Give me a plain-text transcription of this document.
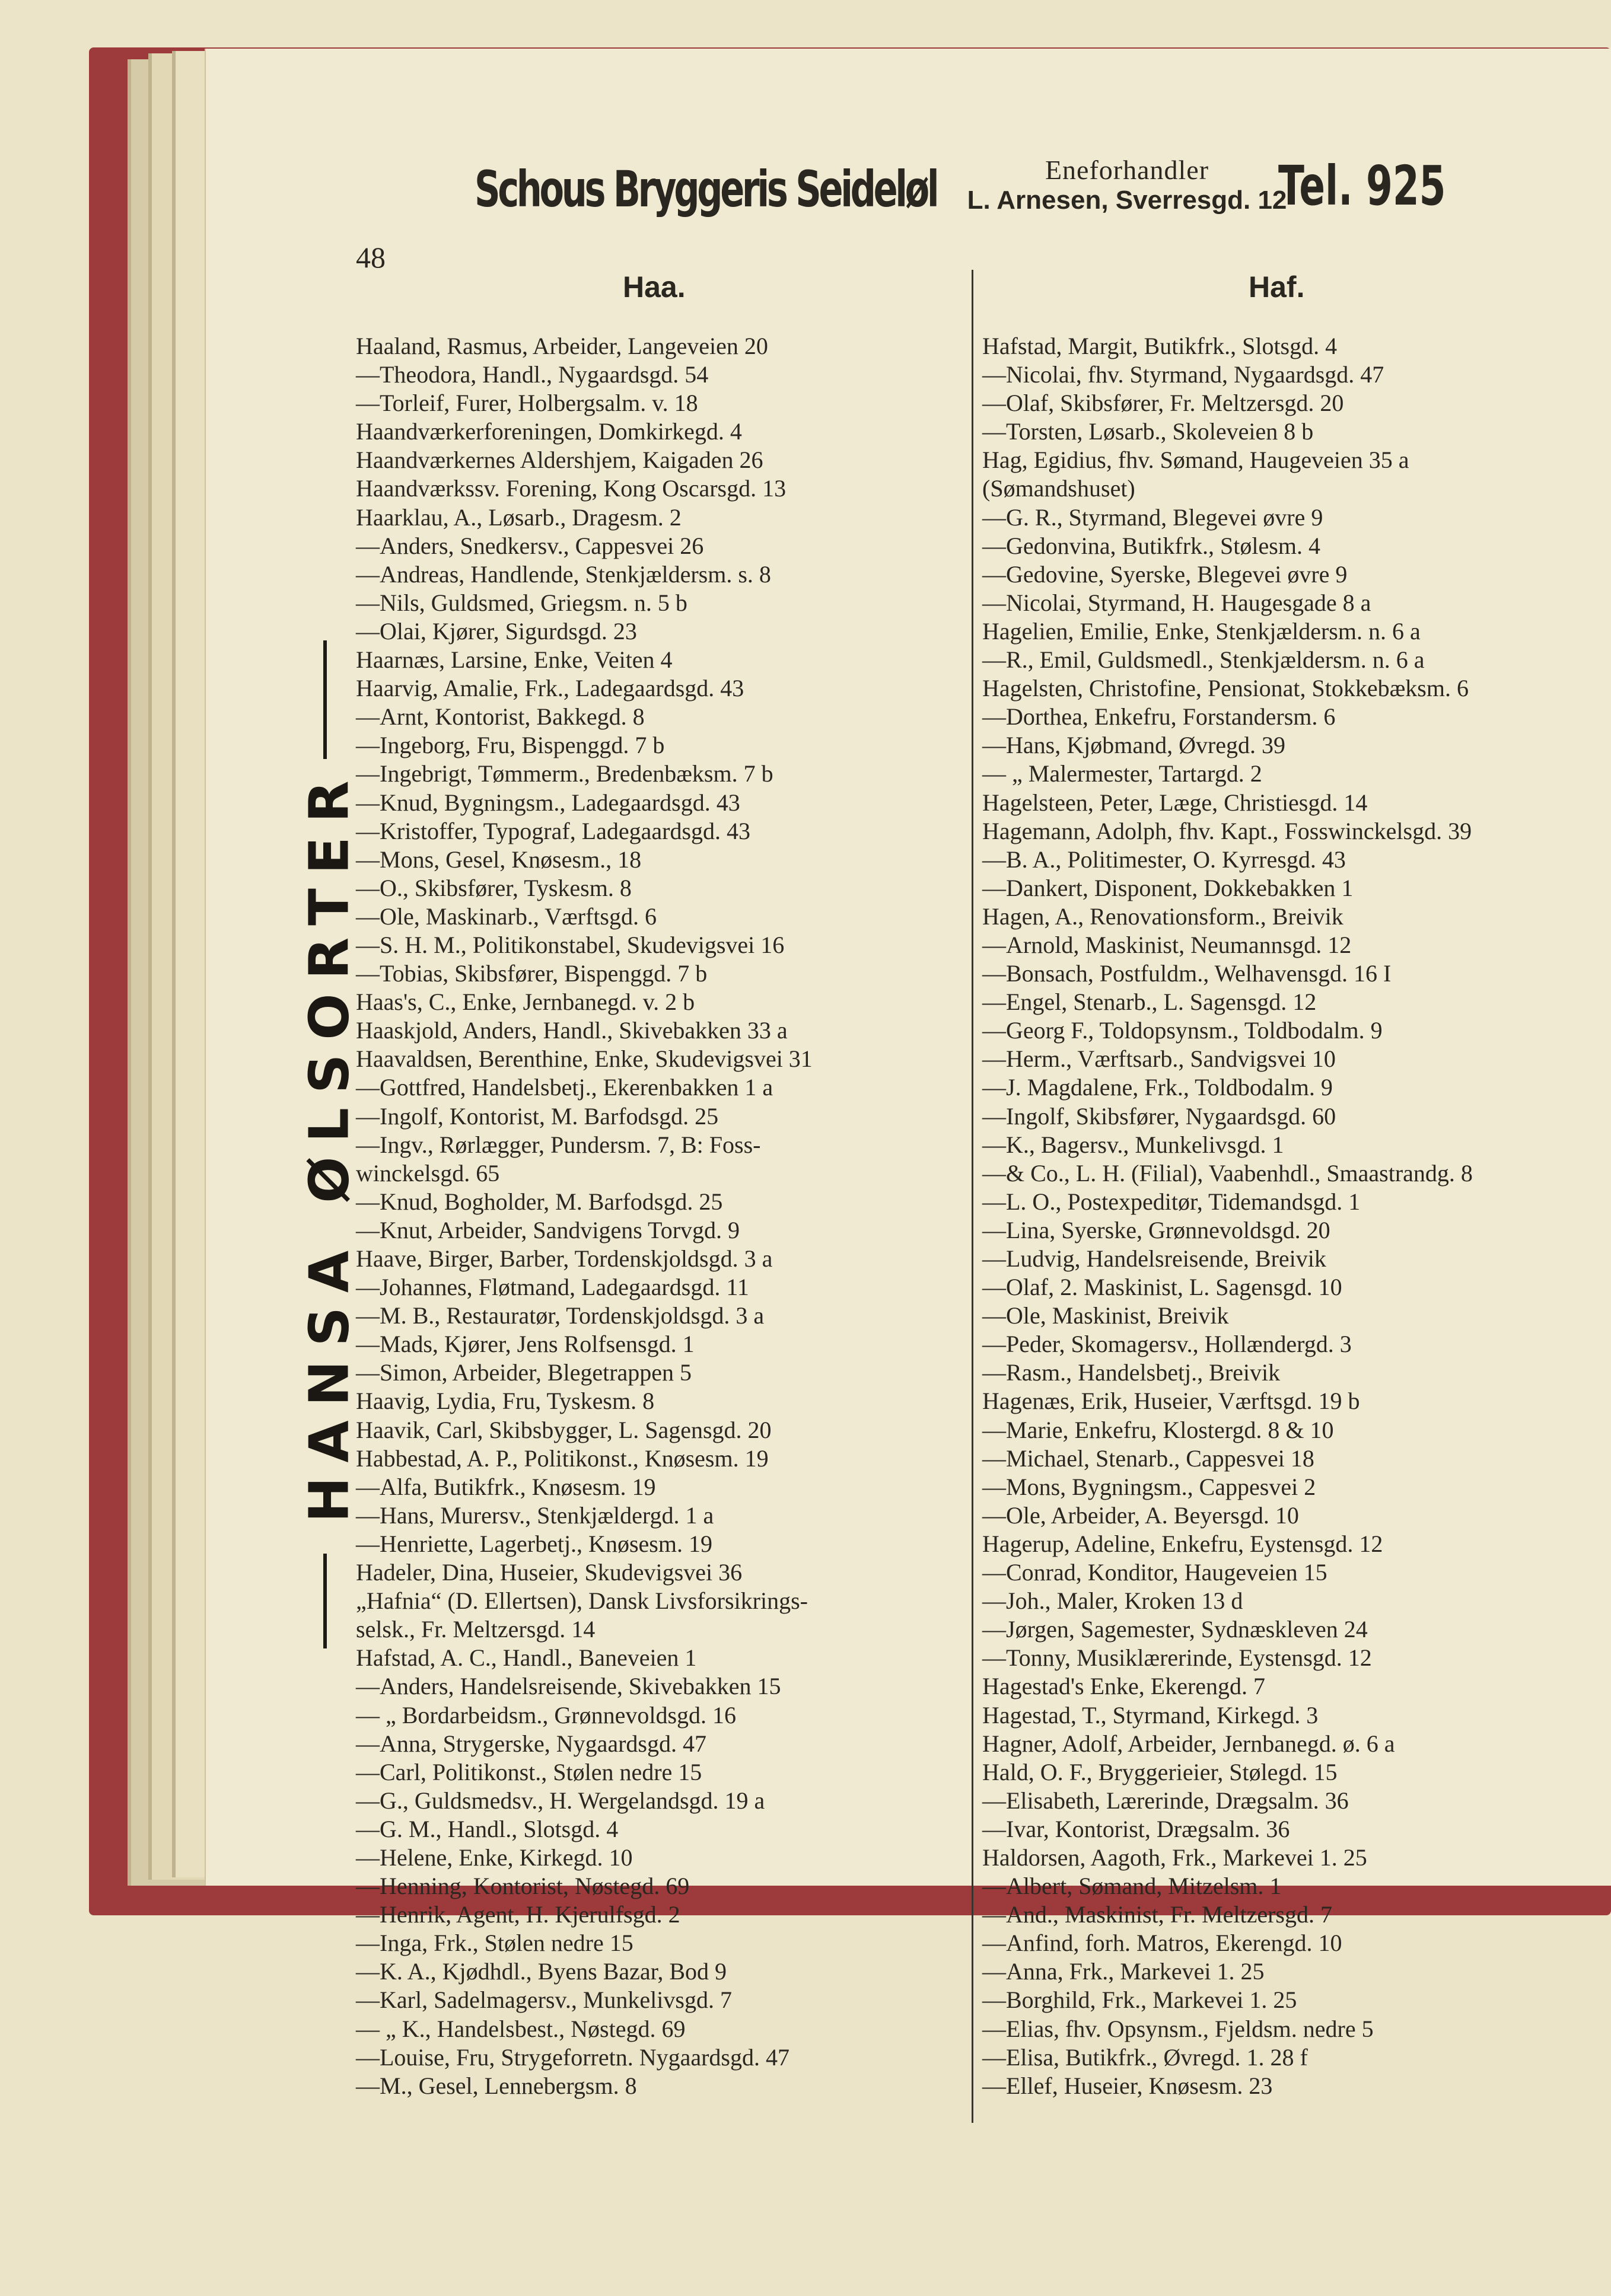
Schous Bryggeris Seideløl	Eneforhandler
L. Arnesen, Sverresgd. 12
Tel. 925
48
Haa.	Haf.
HANSA ØLSORTER
Haaland, Rasmus, Arbeider, Langeveien 20
—Theodora, Handl., Nygaardsgd. 54
—Torleif, Furer, Holbergsalm. v. 18
Haandværkerforeningen, Domkirkegd. 4
Haandværkernes Aldershjem, Kaigaden 26
Haandværkssv. Forening, Kong Oscarsgd. 13
Haarklau, A., Løsarb., Dragesm. 2
—Anders, Snedkersv., Cappesvei 26
—Andreas, Handlende, Stenkjældersm. s. 8
—Nils, Guldsmed, Griegsm. n. 5 b
—Olai, Kjører, Sigurdsgd. 23
Haarnæs, Larsine, Enke, Veiten 4
Haarvig, Amalie, Frk., Ladegaardsgd. 43
—Arnt, Kontorist, Bakkegd. 8
—Ingeborg, Fru, Bispenggd. 7 b
—Ingebrigt, Tømmerm., Bredenbæksm. 7 b
—Knud, Bygningsm., Ladegaardsgd. 43
—Kristoffer, Typograf, Ladegaardsgd. 43
—Mons, Gesel, Knøsesm., 18
—O., Skibsfører, Tyskesm. 8
—Ole, Maskinarb., Værftsgd. 6
—S. H. M., Politikonstabel, Skudevigsvei 16
—Tobias, Skibsfører, Bispenggd. 7 b
Haas's, C., Enke, Jernbanegd. v. 2 b
Haaskjold, Anders, Handl., Skivebakken 33 a
Haavaldsen, Berenthine, Enke, Skudevigsvei 31
—Gottfred, Handelsbetj., Ekerenbakken 1 a
—Ingolf, Kontorist, M. Barfodsgd. 25
—Ingv., Rørlægger, Pundersm. 7, B: Foss-
winckelsgd. 65
—Knud, Bogholder, M. Barfodsgd. 25
—Knut, Arbeider, Sandvigens Torvgd. 9
Haave, Birger, Barber, Tordenskjoldsgd. 3 a
—Johannes, Fløtmand, Ladegaardsgd. 11
—M. B., Restauratør, Tordenskjoldsgd. 3 a
—Mads, Kjører, Jens Rolfsensgd. 1
—Simon, Arbeider, Blegetrappen 5
Haavig, Lydia, Fru, Tyskesm. 8
Haavik, Carl, Skibsbygger, L. Sagensgd. 20
Habbestad, A. P., Politikonst., Knøsesm. 19
—Alfa, Butikfrk., Knøsesm. 19
—Hans, Murersv., Stenkjældergd. 1 a
—Henriette, Lagerbetj., Knøsesm. 19
Hadeler, Dina, Huseier, Skudevigsvei 36
„Hafnia“ (D. Ellertsen), Dansk Livsforsikrings-
selsk., Fr. Meltzersgd. 14
Hafstad, A. C., Handl., Baneveien 1
—Anders, Handelsreisende, Skivebakken 15
— „ Bordarbeidsm., Grønnevoldsgd. 16
—Anna, Strygerske, Nygaardsgd. 47
—Carl, Politikonst., Stølen nedre 15
—G., Guldsmedsv., H. Wergelandsgd. 19 a
—G. M., Handl., Slotsgd. 4
—Helene, Enke, Kirkegd. 10
—Henning, Kontorist, Nøstegd. 69
—Henrik, Agent, H. Kjerulfsgd. 2
—Inga, Frk., Stølen nedre 15
—K. A., Kjødhdl., Byens Bazar, Bod 9
—Karl, Sadelmagersv., Munkelivsgd. 7
— „ K., Handelsbest., Nøstegd. 69
—Louise, Fru, Strygeforretn. Nygaardsgd. 47
—M., Gesel, Lennebergsm. 8
Hafstad, Margit, Butikfrk., Slotsgd. 4
—Nicolai, fhv. Styrmand, Nygaardsgd. 47
—Olaf, Skibsfører, Fr. Meltzersgd. 20
—Torsten, Løsarb., Skoleveien 8 b
Hag, Egidius, fhv. Sømand, Haugeveien 35 a
(Sømandshuset)
—G. R., Styrmand, Blegevei øvre 9
—Gedonvina, Butikfrk., Stølesm. 4
—Gedovine, Syerske, Blegevei øvre 9
—Nicolai, Styrmand, H. Haugesgade 8 a
Hagelien, Emilie, Enke, Stenkjældersm. n. 6 a
—R., Emil, Guldsmedl., Stenkjældersm. n. 6 a
Hagelsten, Christofine, Pensionat, Stokkebæksm. 6
—Dorthea, Enkefru, Forstandersm. 6
—Hans, Kjøbmand, Øvregd. 39
— „ Malermester, Tartargd. 2
Hagelsteen, Peter, Læge, Christiesgd. 14
Hagemann, Adolph, fhv. Kapt., Fosswinckelsgd. 39
—B. A., Politimester, O. Kyrresgd. 43
—Dankert, Disponent, Dokkebakken 1
Hagen, A., Renovationsform., Breivik
—Arnold, Maskinist, Neumannsgd. 12
—Bonsach, Postfuldm., Welhavensgd. 16 I
—Engel, Stenarb., L. Sagensgd. 12
—Georg F., Toldopsynsm., Toldbodalm. 9
—Herm., Værftsarb., Sandvigsvei 10
—J. Magdalene, Frk., Toldbodalm. 9
—Ingolf, Skibsfører, Nygaardsgd. 60
—K., Bagersv., Munkelivsgd. 1
—& Co., L. H. (Filial), Vaabenhdl., Smaastrandg. 8
—L. O., Postexpeditør, Tidemandsgd. 1
—Lina, Syerske, Grønnevoldsgd. 20
—Ludvig, Handelsreisende, Breivik
—Olaf, 2. Maskinist, L. Sagensgd. 10
—Ole, Maskinist, Breivik
—Peder, Skomagersv., Hollændergd. 3
—Rasm., Handelsbetj., Breivik
Hagenæs, Erik, Huseier, Værftsgd. 19 b
—Marie, Enkefru, Klostergd. 8 & 10
—Michael, Stenarb., Cappesvei 18
—Mons, Bygningsm., Cappesvei 2
—Ole, Arbeider, A. Beyersgd. 10
Hagerup, Adeline, Enkefru, Eystensgd. 12
—Conrad, Konditor, Haugeveien 15
—Joh., Maler, Kroken 13 d
—Jørgen, Sagemester, Sydnæskleven 24
—Tonny, Musiklærerinde, Eystensgd. 12
Hagestad's Enke, Ekerengd. 7
Hagestad, T., Styrmand, Kirkegd. 3
Hagner, Adolf, Arbeider, Jernbanegd. ø. 6 a
Hald, O. F., Bryggerieier, Stølegd. 15
—Elisabeth, Lærerinde, Drægsalm. 36
—Ivar, Kontorist, Drægsalm. 36
Haldorsen, Aagoth, Frk., Markevei 1. 25
—Albert, Sømand, Mitzelsm. 1
—And., Maskinist, Fr. Meltzersgd. 7
—Anfind, forh. Matros, Ekerengd. 10
—Anna, Frk., Markevei 1. 25
—Borghild, Frk., Markevei 1. 25
—Elias, fhv. Opsynsm., Fjeldsm. nedre 5
—Elisa, Butikfrk., Øvregd. 1. 28 f
—Ellef, Huseier, Knøsesm. 23
